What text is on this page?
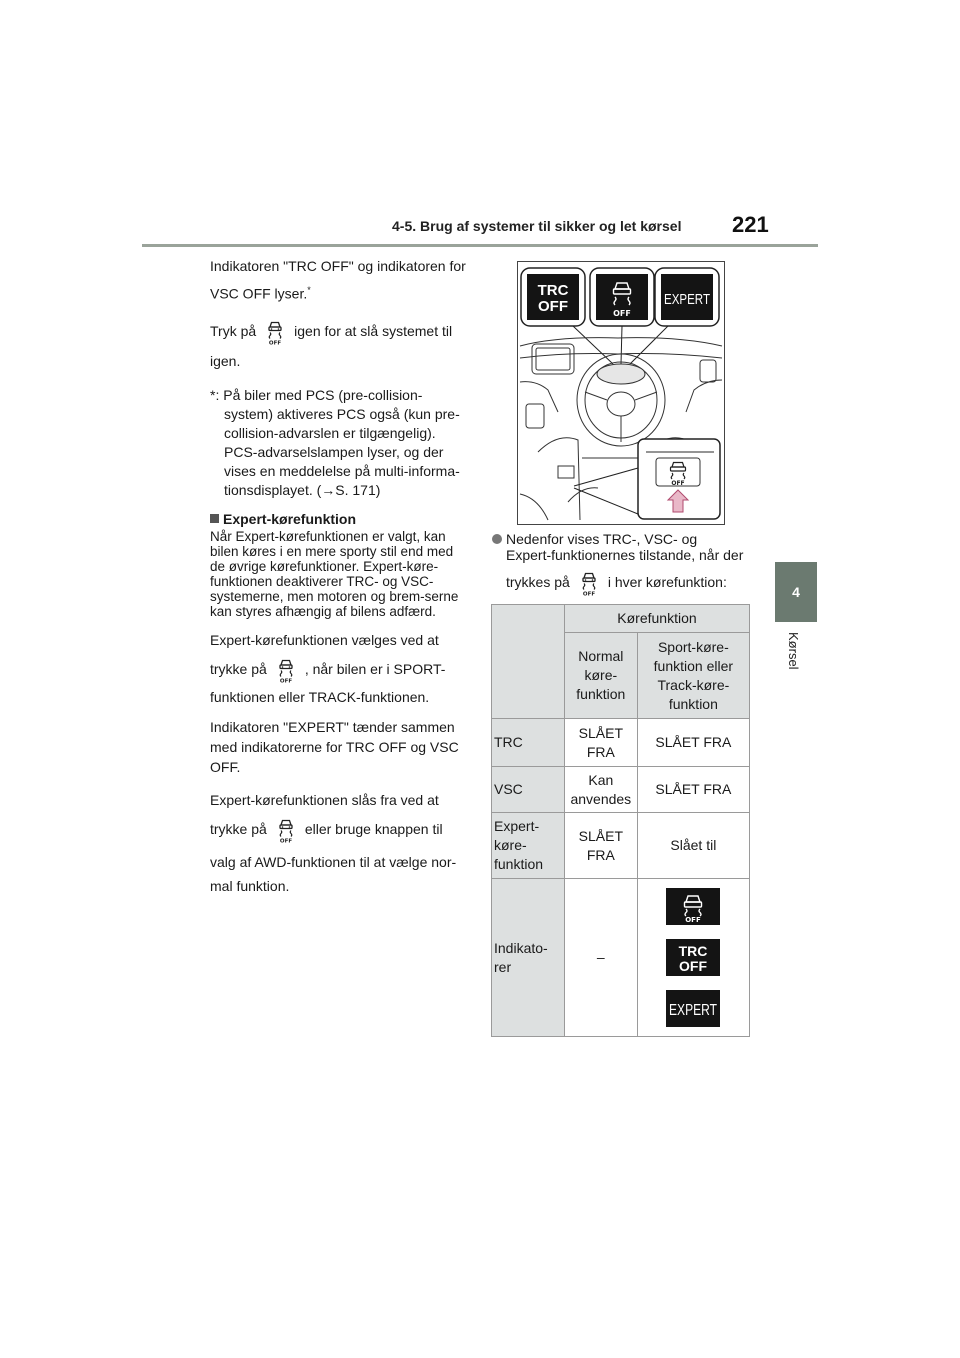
4-5. Brug af systemer til sikker og let kørsel 221
4
Kørsel

Indikatoren "TRC OFF" og indikatoren for VSC OFF lyser.*

Tryk på
OFF
igen for at slå systemet til igen.

*: På biler med PCS (pre-collision-system) aktiveres PCS også (kun pre-collision-advarslen er tilgængelig). PCS-advarselslampen lyser, og der vises en meddelelse på multi-informa-tionsdisplayet. (→S. 171)

Expert-kørefunktion

Når Expert-kørefunktionen er valgt, kan bilen køres i en mere sporty stil end med de øvrige kørefunktioner. Expert-køre-funktionen deaktiverer TRC- og VSC-systemerne, men motoren og brem-serne kan styres afhængig af bilens adfærd.

Expert-kørefunktionen vælges ved at

trykke på
OFF
, når bilen er i SPORT-

funktionen eller TRACK-funktionen.

Indikatoren "EXPERT" tænder sammen med indikatorerne for TRC OFF og VSC OFF.

Expert-kørefunktionen slås fra ved at

trykke på
OFF
eller bruge knappen til

valg af AWD-funktionen til at vælge nor-mal funktion.

TRC
OFF	OFF
EXPERT
OFF
Nedenfor vises TRC-, VSC- og
Expert-funktionernes tilstande, når der
trykkes på
OFF
i hver kørefunktion:
	Kørefunktion	
	Normal køre-funktion	Sport-køre-funktion eller Track-køre-funktion
TRC	SLÅET FRA	SLÅET FRA
VSC	Kan anvendes	SLÅET FRA
Expert-køre-funktion	SLÅET FRA	Slået til
Indikato-rer	–	OFF
TRC
OFF
EXPERT
